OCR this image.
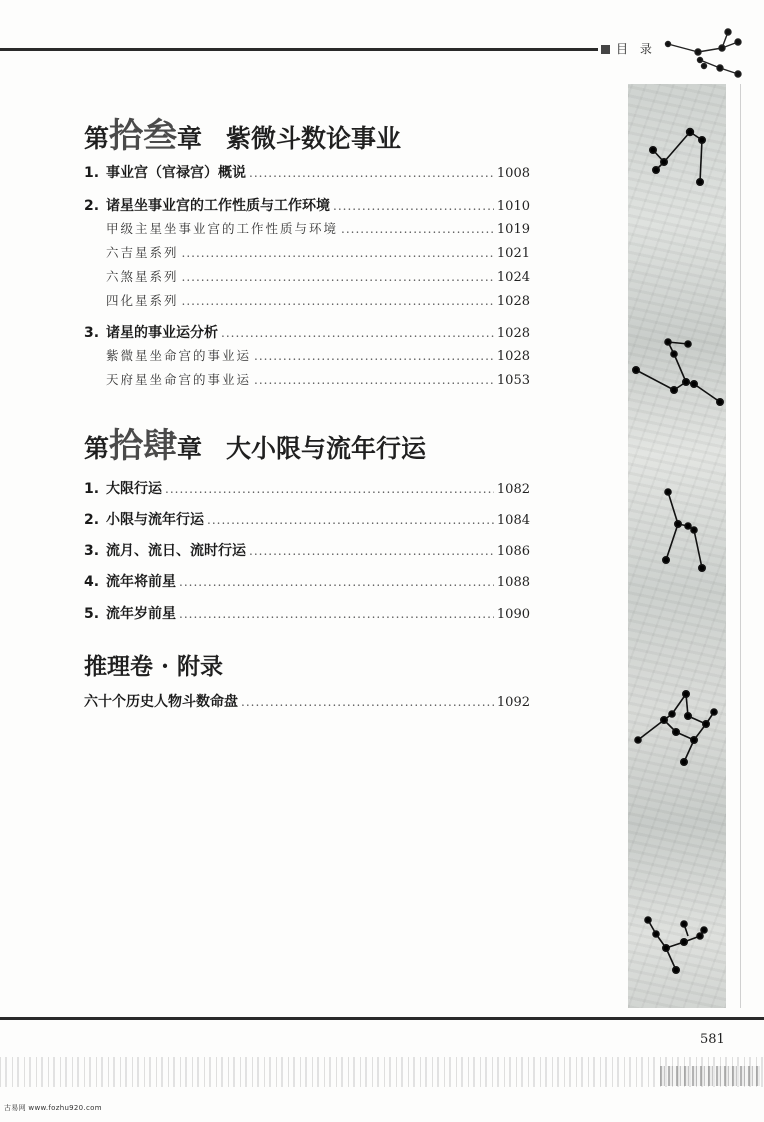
目 录
第拾叁章 紫微斗数论事业
1. 事业宫（官禄宫）概说 .....	1008
2. 诸星坐事业宫的工作性质与工作环境 .....	1010
甲级主星坐事业宫的工作性质与环境 .....	1019
六吉星系列 .....	1021
六煞星系列 .....	1024
四化星系列 .....	1028
3. 诸星的事业运分析 .....	1028
紫微星坐命宫的事业运 .....	1028
天府星坐命宫的事业运 .....	1053
第拾肆章 大小限与流年行运
1. 大限行运 .....	1082
2. 小限与流年行运 .....	1084
3. 流月、流日、流时行运 .....	1086
4. 流年将前星 .....	1088
5. 流年岁前星 .....	1090
推理卷 · 附录
六十个历史人物斗数命盘 .....	1092
581
古易网 www.fozhu920.com
